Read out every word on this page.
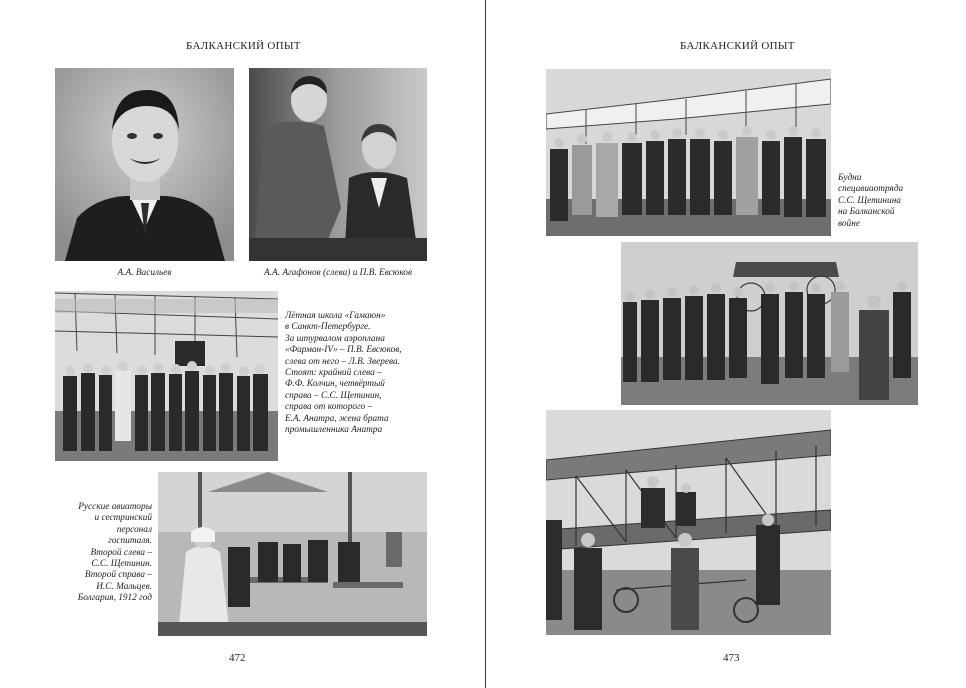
БАЛКАНСКИЙ ОПЫТ
А.А. Васильев	А.А. Агафонов (слева) и П.В. Евсюков
Лётная школа «Гамаюн»
в Санкт-Петербурге.
За штурвалом аэроплана
«Фарман-IV» – П.В. Евсюков,
слева от него – Л.В. Зверева.
Стоят: крайний слева –
Ф.Ф. Колчин, четвёртый
справа – С.С. Щетинин,
справа от которого –
Е.А. Анатра, жена брата
промышленника Анатра
Русские авиаторы
и сестринский
персонал
госпиталя.
Второй слева –
С.С. Щетинин.
Второй справа –
И.С. Мальцев.
Болгария, 1912 год
472
БАЛКАНСКИЙ ОПЫТ
Будни
спецавиаотряда
С.С. Щетинина
на Балканской
войне
473
